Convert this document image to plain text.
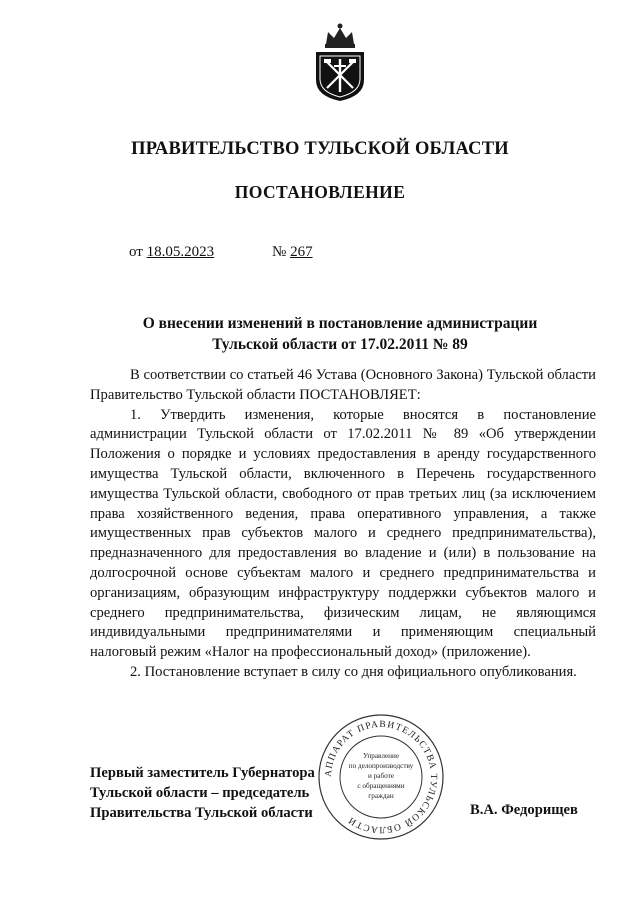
ПРАВИТЕЛЬСТВО ТУЛЬСКОЙ ОБЛАСТИ
ПОСТАНОВЛЕНИЕ
от 18.05.2023	№ 267
О внесении изменений в постановление администрации
Тульской области от 17.02.2011 № 89

В соответствии со статьей 46 Устава (Основного Закона) Тульской области Правительство Тульской области ПОСТАНОВЛЯЕТ:

1. Утвердить изменения, которые вносятся в постановление администрации Тульской области от 17.02.2011 № 89 «Об утверждении Положения о порядке и условиях предоставления в аренду государственного имущества Тульской области, включенного в Перечень государственного имущества Тульской области, свободного от прав третьих лиц (за исключением права хозяйственного ведения, права оперативного управления, а также имущественных прав субъектов малого и среднего предпринимательства), предназначенного для предоставления во владение и (или) в пользование на долгосрочной основе субъектам малого и среднего предпринимательства и организациям, образующим инфраструктуру поддержки субъектов малого и среднего предпринимательства, физическим лицам, не являющимся индивидуальными предпринимателями и применяющим специальный налоговый режим «Налог на профессиональный доход» (приложение).

2. Постановление вступает в силу со дня официального опубликования.

АППАРАТ ПРАВИТЕЛЬСТВА ТУЛЬСКОЙ ОБЛАСТИ
Управление
по делопроизводству
и работе
с обращениями
граждан
Первый заместитель Губернатора
Тульской области – председатель
Правительства Тульской области	В.А. Федорищев
